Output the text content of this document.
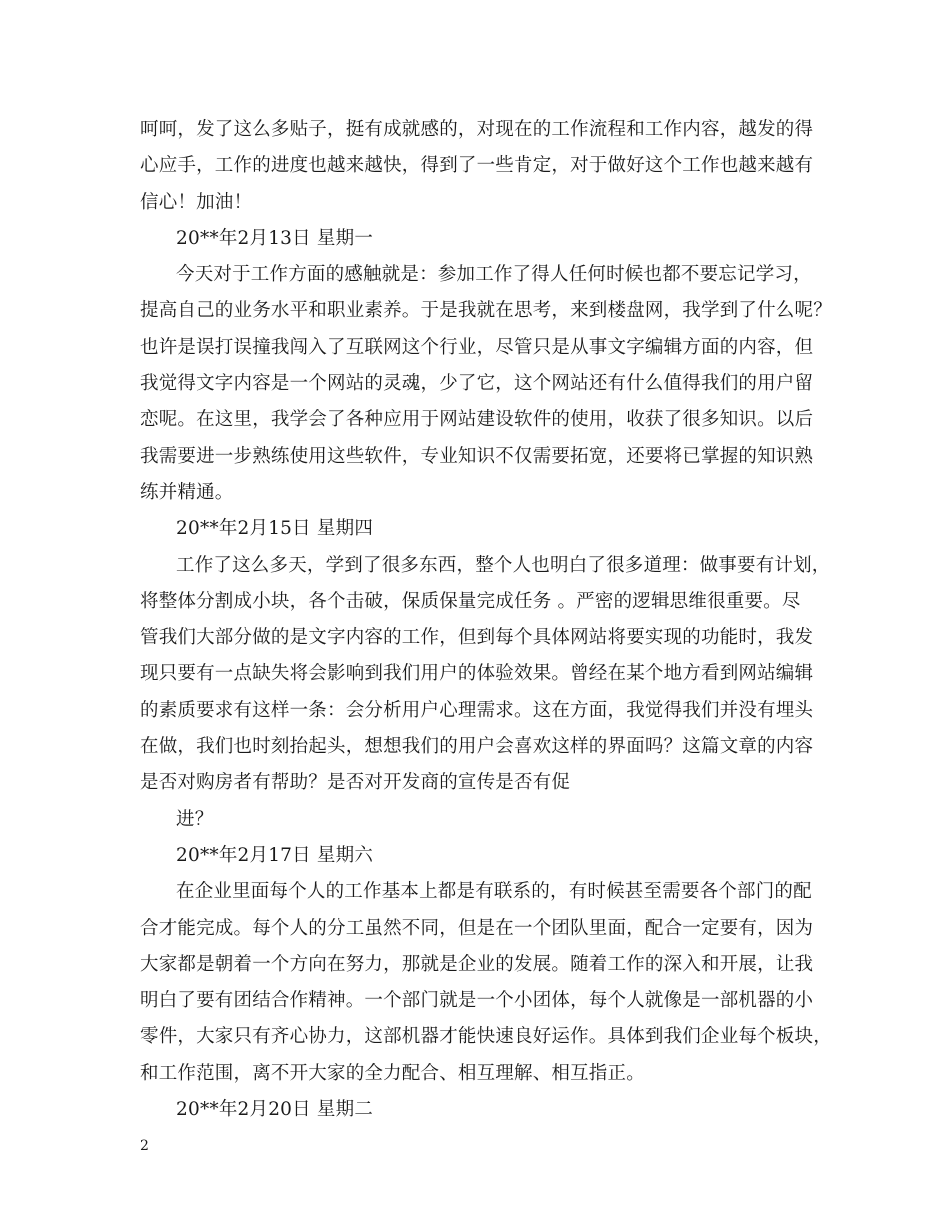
呵呵，发了这么多贴子，挺有成就感的，对现在的工作流程和工作内容，越发的得
心应手，工作的进度也越来越快，得到了一些肯定，对于做好这个工作也越来越有
信心！加油！
20**年2月13日 星期一
今天对于工作方面的感触就是：参加工作了得人任何时候也都不要忘记学习，
提高自己的业务水平和职业素养。于是我就在思考，来到楼盘网，我学到了什么呢？
也许是误打误撞我闯入了互联网这个行业，尽管只是从事文字编辑方面的内容，但
我觉得文字内容是一个网站的灵魂，少了它，这个网站还有什么值得我们的用户留
恋呢。在这里，我学会了各种应用于网站建设软件的使用，收获了很多知识。以后
我需要进一步熟练使用这些软件，专业知识不仅需要拓宽，还要将已掌握的知识熟
练并精通。
20**年2月15日 星期四
工作了这么多天，学到了很多东西，整个人也明白了很多道理：做事要有计划，
将整体分割成小块，各个击破，保质保量完成任务 。严密的逻辑思维很重要。尽
管我们大部分做的是文字内容的工作，但到每个具体网站将要实现的功能时，我发
现只要有一点缺失将会影响到我们用户的体验效果。曾经在某个地方看到网站编辑
的素质要求有这样一条：会分析用户心理需求。这在方面，我觉得我们并没有埋头
在做，我们也时刻抬起头，想想我们的用户会喜欢这样的界面吗？这篇文章的内容
是否对购房者有帮助？是否对开发商的宣传是否有促
进？
20**年2月17日 星期六
在企业里面每个人的工作基本上都是有联系的，有时候甚至需要各个部门的配
合才能完成。每个人的分工虽然不同，但是在一个团队里面，配合一定要有，因为
大家都是朝着一个方向在努力，那就是企业的发展。随着工作的深入和开展，让我
明白了要有团结合作精神。一个部门就是一个小团体，每个人就像是一部机器的小
零件，大家只有齐心协力，这部机器才能快速良好运作。具体到我们企业每个板块，
和工作范围，离不开大家的全力配合、相互理解、相互指正。
20**年2月20日 星期二
2
